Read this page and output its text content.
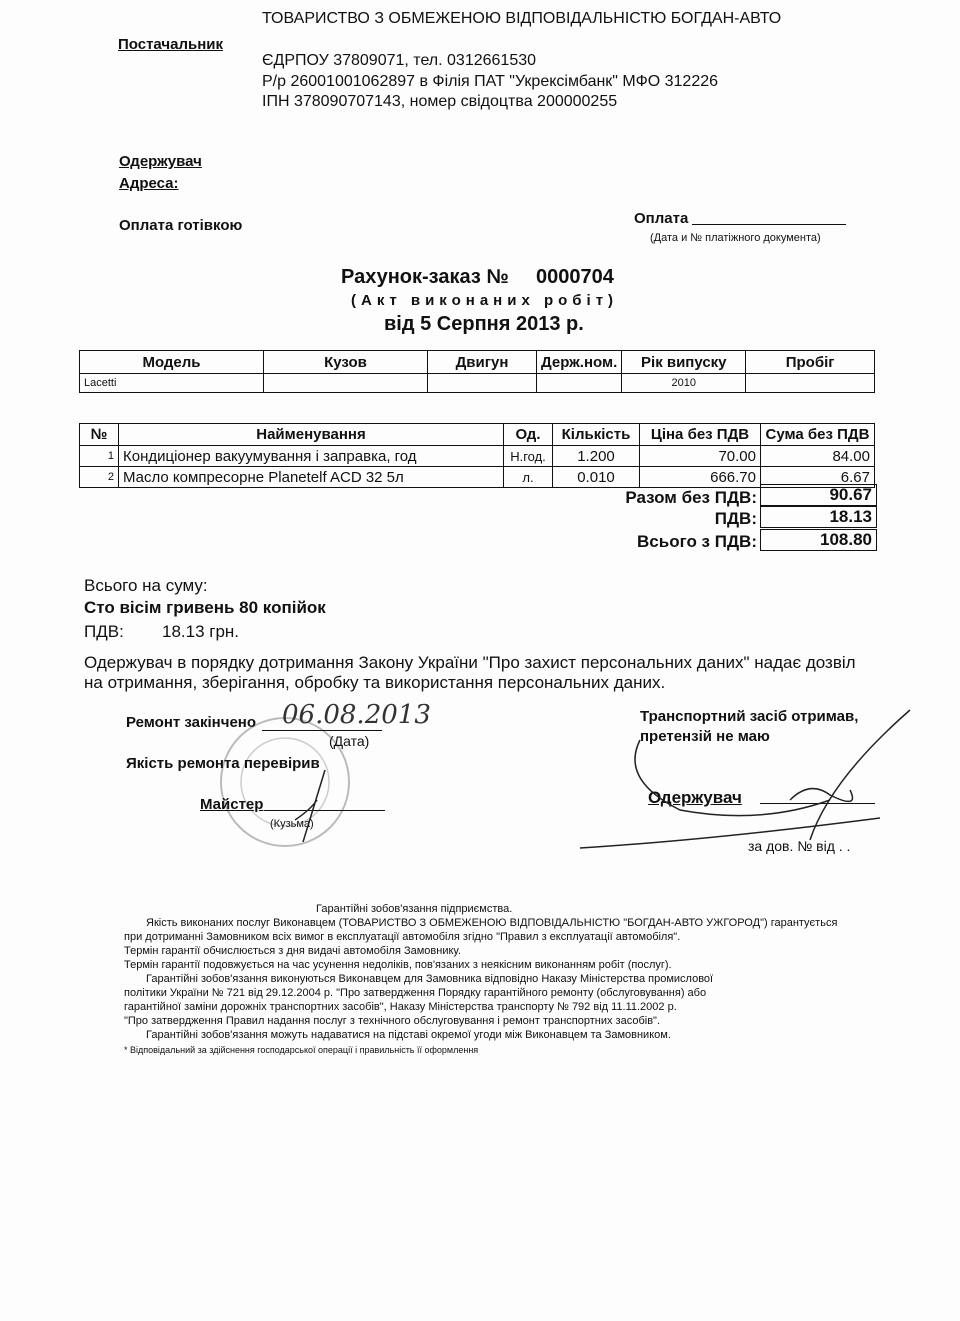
Постачальник
ТОВАРИСТВО З ОБМЕЖЕНОЮ ВІДПОВІДАЛЬНІСТЮ БОГДАН-АВТО
ЄДРПОУ 37809071, тел. 0312661530
Р/р 26001001062897 в Філія ПАТ "Укрексімбанк" МФО 312226
ІПН 378090707143, номер свідоцтва 200000255
Одержувач
Адреса:
Оплата готівкою	Оплата
(Дата и № платіжного документа)
Рахунок-заказ № 0000704
(Акт виконаних робіт)
від 5 Серпня 2013 р.
Модель	Кузов	Двигун	Держ.ном.	Рік випуску	Пробіг
Lacetti				2010	
№	Найменування	Од.	Кількість	Ціна без ПДВ	Сума без ПДВ
1	Кондиціонер вакуумування і заправка, год	Н.год.	1.200	70.00	84.00
2	Масло компресорне Planetelf ACD 32 5л	л.	0.010	666.70	6.67
Разом без ПДВ:	90.67
ПДВ:	18.13
Всього з ПДВ:	108.80
Всього на суму:
Сто вісім гривень 80 копійок
ПДВ: 18.13 грн.
Одержувач в порядку дотримання Закону України "Про захист персональних даних" надає дозвіл
на отримання, зберігання, обробку та використання персональних даних.
Ремонт закінчено 06.08.2013
(Дата)
Якість ремонта перевірив
Майстер
(Кузьма)
Транспортний засіб отримав,
претензій не маю
Одержувач
за дов. № від . .
Гарантійні зобов'язання підприємства.
Якість виконаних послуг Виконавцем (ТОВАРИСТВО З ОБМЕЖЕНОЮ ВІДПОВІДАЛЬНІСТЮ "БОГДАН-АВТО УЖГОРОД") гарантується
при дотриманні Замовником всіх вимог в експлуатації автомобіля згідно "Правил з експлуатації автомобіля".
Термін гарантії обчислюється з дня видачі автомобіля Замовнику.
Термін гарантії подовжується на час усунення недоліків, пов'язаних з неякісним виконанням робіт (послуг).
Гарантійні зобов'язання виконуються Виконавцем для Замовника відповідно Наказу Міністерства промислової
політики України № 721 від 29.12.2004 р. "Про затвердження Порядку гарантійного ремонту (обслуговування) або
гарантійної заміни дорожніх транспортних засобів", Наказу Міністерства транспорту № 792 від 11.11.2002 р.
"Про затвердження Правил надання послуг з технічного обслуговування і ремонт транспортних засобів".
Гарантійні зобов'язання можуть надаватися на підставі окремої угоди між Виконавцем та Замовником.
* Відповідальний за здійснення господарської операції і правильність її оформлення
